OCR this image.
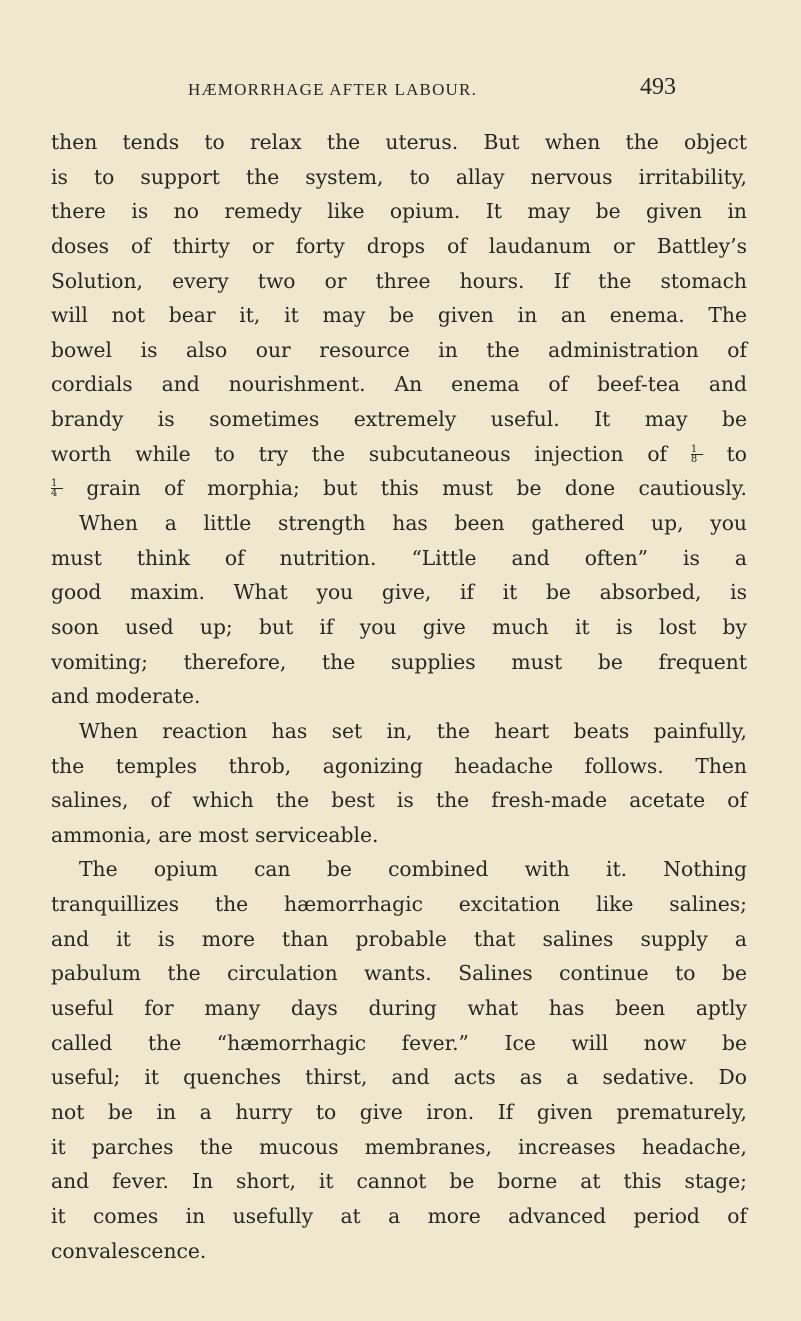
HÆMORRHAGE AFTER LABOUR.	493
then tends to relax the uterus. But when the object
is to support the system, to allay nervous irritability,
there is no remedy like opium. It may be given in
doses of thirty or forty drops of laudanum or Battley’s
Solution, every two or three hours. If the stomach
will not bear it, it may be given in an enema. The
bowel is also our resource in the administration of
cordials and nourishment. An enema of beef-tea and
brandy is sometimes extremely useful. It may be
worth while to try the subcutaneous injection of $\frac{1}{8}$ to
$\frac{1}{4}$ grain of morphia; but this must be done cautiously.
When a little strength has been gathered up, you
must think of nutrition. “Little and often” is a
good maxim. What you give, if it be absorbed, is
soon used up; but if you give much it is lost by
vomiting; therefore, the supplies must be frequent
and moderate.
When reaction has set in, the heart beats painfully,
the temples throb, agonizing headache follows. Then
salines, of which the best is the fresh-made acetate of
ammonia, are most serviceable.
The opium can be combined with it. Nothing
tranquillizes the hæmorrhagic excitation like salines;
and it is more than probable that salines supply a
pabulum the circulation wants. Salines continue to be
useful for many days during what has been aptly
called the “hæmorrhagic fever.” Ice will now be
useful; it quenches thirst, and acts as a sedative. Do
not be in a hurry to give iron. If given prematurely,
it parches the mucous membranes, increases headache,
and fever. In short, it cannot be borne at this stage;
it comes in usefully at a more advanced period of
convalescence.
